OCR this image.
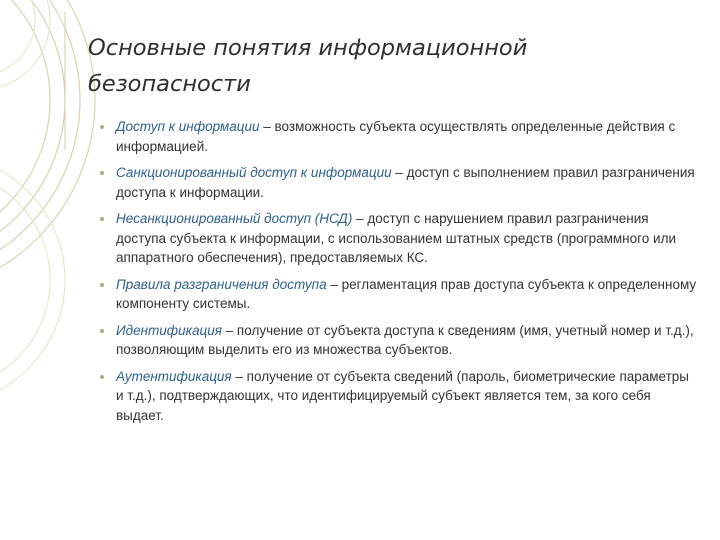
Основные понятия информационной
безопасности
Доступ к информации – возможность субъекта осуществлять определенные действия с информацией.
Санкционированный доступ к информации – доступ с выполнением правил разграничения доступа к информации.
Несанкционированный доступ (НСД) – доступ с нарушением правил разграничения доступа субъекта к информации, с использованием штатных средств (программного или аппаратного обеспечения), предоставляемых КС.
Правила разграничения доступа – регламентация прав доступа субъекта к определенному компоненту системы.
Идентификация – получение от субъекта доступа к сведениям (имя, учетный номер и т.д.), позволяющим выделить его из множества субъектов.
Аутентификация – получение от субъекта сведений (пароль, биометрические параметры и т.д.), подтверждающих, что идентифицируемый субъект является тем, за кого себя выдает.
